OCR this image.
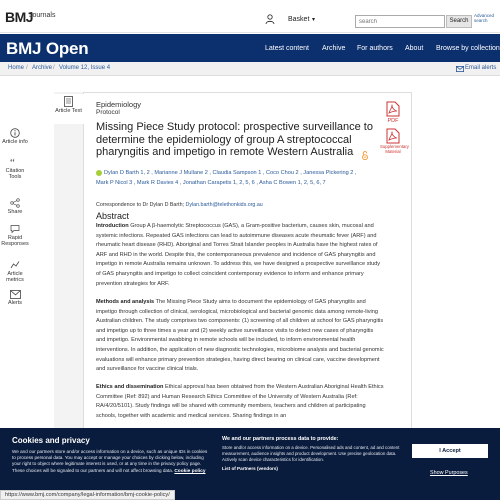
BMJ
Journals
Basket ▾
search	Search
Advanced search
BMJ Open	Latest content Archive For authors About Browse by collection
Home / Archive / Volume 12, Issue 4	Email alerts
Article Text
Article info
“
Citation Tools
Share
Rapid Responses
Article metrics
Alerts
Epidemiology
Protocol
Missing Piece Study protocol: prospective surveillance to determine the epidemiology of group A streptococcal pharyngitis and impetigo in remote Western Australia
PDF
Supplementary Material
Dylan D Barth 1, 2 , Marianne J Mullane 2 , Claudia Sampson 1 , Coco Chou 2 , Janessa Pickering 2 ,
Mark P Nicol 3 , Mark R Davies 4 , Jonathan Carapetis 1, 2, 5, 6 , Asha C Bowen 1, 2, 5, 6, 7
Correspondence to Dr Dylan D Barth; Dylan.barth@telethonkids.org.au
Abstract
Introduction Group A β-haemolytic Streptococcus (GAS), a Gram-positive bacterium, causes skin, mucosal and systemic infections. Repeated GAS infections can lead to autoimmune diseases acute rheumatic fever (ARF) and rheumatic heart disease (RHD). Aboriginal and Torres Strait Islander peoples in Australia have the highest rates of ARF and RHD in the world. Despite this, the contemporaneous prevalence and incidence of GAS pharyngitis and impetigo in remote Australia remains unknown. To address this, we have designed a prospective surveillance study of GAS pharyngitis and impetigo to collect coincident contemporary evidence to inform and enhance primary prevention strategies for ARF.
Methods and analysis The Missing Piece Study aims to document the epidemiology of GAS pharyngitis and impetigo through collection of clinical, serological, microbiological and bacterial genomic data among remote-living Australian children. The study comprises two components: (1) screening of all children at school for GAS pharyngitis and impetigo up to three times a year and (2) weekly active surveillance visits to detect new cases of pharyngitis and impetigo. Environmental swabbing in remote schools will be included, to inform environmental health interventions. In addition, the application of new diagnostic technologies, microbiome analysis and bacterial genomic evaluations will enhance primary prevention strategies, having direct bearing on clinical care, vaccine development and surveillance for vaccine clinical trials.
Ethics and dissemination Ethical approval has been obtained from the Western Australian Aboriginal Health Ethics Committee (Ref: 892) and Human Research Ethics Committee of the University of Western Australia (Ref: RA/4/20/5101). Study findings will be shared with community members, teachers and children at participating schools, together with academic and medical services. Sharing findings in an
Cookies and privacy
We and our partners store and/or access information on a device, such as unique IDs in cookies to process personal data. You may accept or manage your choices by clicking below, including your right to object where legitimate interest is used, or at any time in the privacy policy page. These choices will be signaled to our partners and will not affect browsing data. Cookie policy
We and our partners process data to provide:
Store and/or access information on a device. Personalised ads and content, ad and content measurement, audience insights and product development. Use precise geolocation data. Actively scan device characteristics for identification.
List of Partners (vendors)
I Accept
Show Purposes
https://www.bmj.com/company/legal-information/bmj-cookie-policy/
